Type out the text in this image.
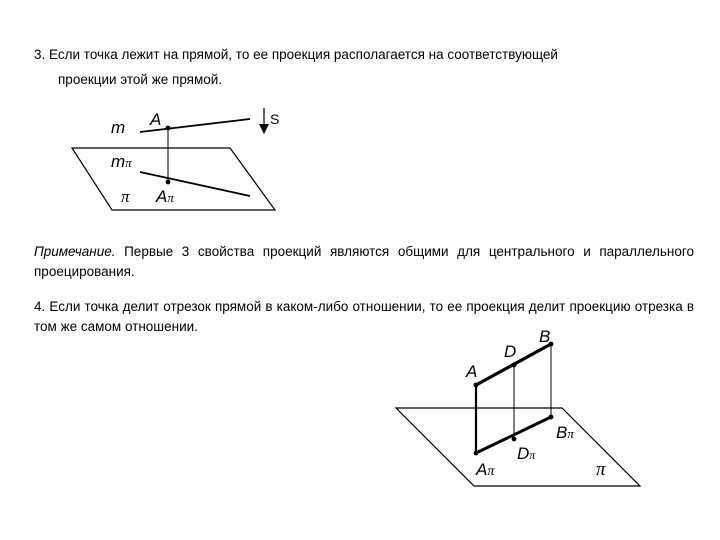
3. Если точка лежит на прямой, то ее проекция располагается на соответствующей

проекции этой же прямой.

Примечание. Первые 3 свойства проекций являются общими для центрального и параллельного проецирования.

4. Если точка делит отрезок прямой в каком-либо отношении, то ее проекция делит проекцию отрезка в том же самом отношении.

m A	S
mπ
π Aπ
A
D
B
Aπ
Dπ
Bπ
π
